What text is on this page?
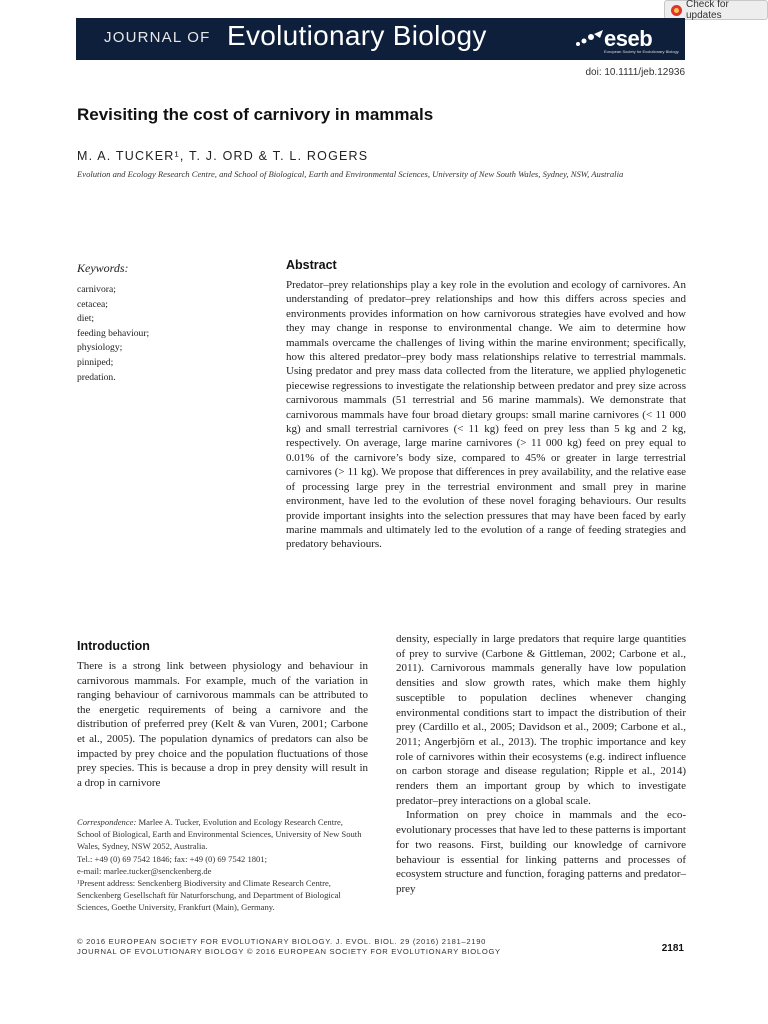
Check for updates
JOURNAL OF Evolutionary Biology	eseb
European Society for Evolutionary Biology
doi: 10.1111/jeb.12936
Revisiting the cost of carnivory in mammals
M. A. TUCKER¹, T. J. ORD & T. L. ROGERS
Evolution and Ecology Research Centre, and School of Biological, Earth and Environmental Sciences, University of New South Wales, Sydney, NSW, Australia
Keywords:
carnivora;
cetacea;
diet;
feeding behaviour;
physiology;
pinniped;
predation.
Abstract
Predator–prey relationships play a key role in the evolution and ecology of carnivores. An understanding of predator–prey relationships and how this differs across species and environments provides information on how carnivorous strategies have evolved and how they may change in response to environmental change. We aim to determine how mammals overcame the challenges of living within the marine environment; specifically, how this altered predator–prey body mass relationships relative to terrestrial mammals. Using predator and prey mass data collected from the literature, we applied phylogenetic piecewise regressions to investigate the relationship between predator and prey size across carnivorous mammals (51 terrestrial and 56 marine mammals). We demonstrate that carnivorous mammals have four broad dietary groups: small marine carnivores (< 11 000 kg) and small terrestrial carnivores (< 11 kg) feed on prey less than 5 kg and 2 kg, respectively. On average, large marine carnivores (> 11 000 kg) feed on prey equal to 0.01% of the carnivore’s body size, compared to 45% or greater in large terrestrial carnivores (> 11 kg). We propose that differences in prey availability, and the relative ease of processing large prey in the terrestrial environment and small prey in marine environment, have led to the evolution of these novel foraging behaviours. Our results provide important insights into the selection pressures that may have been faced by early marine mammals and ultimately led to the evolution of a range of feeding strategies and predatory behaviours.
Introduction
There is a strong link between physiology and behaviour in carnivorous mammals. For example, much of the variation in ranging behaviour of carnivorous mammals can be attributed to the energetic requirements of being a carnivore and the distribution of preferred prey (Kelt & van Vuren, 2001; Carbone et al., 2005). The population dynamics of predators can also be impacted by prey choice and the population fluctuations of those prey species. This is because a drop in prey density will result in a drop in carnivore
Correspondence: Marlee A. Tucker, Evolution and Ecology Research Centre, School of Biological, Earth and Environmental Sciences, University of New South Wales, Sydney, NSW 2052, Australia.
Tel.: +49 (0) 69 7542 1846; fax: +49 (0) 69 7542 1801;
e-mail: marlee.tucker@senckenberg.de
¹Present address: Senckenberg Biodiversity and Climate Research Centre, Senckenberg Gesellschaft für Naturforschung, and Department of Biological Sciences, Goethe University, Frankfurt (Main), Germany.

density, especially in large predators that require large quantities of prey to survive (Carbone & Gittleman, 2002; Carbone et al., 2011). Carnivorous mammals generally have low population densities and slow growth rates, which make them highly susceptible to population declines whenever changing environmental conditions start to impact the distribution of their prey (Cardillo et al., 2005; Davidson et al., 2009; Carbone et al., 2011; Angerbjörn et al., 2013). The trophic importance and key role of carnivores within their ecosystems (e.g. indirect influence on carbon storage and disease regulation; Ripple et al., 2014) renders them an important group by which to investigate predator–prey interactions on a global scale.

Information on prey choice in mammals and the eco-evolutionary processes that have led to these patterns is important for two reasons. First, building our knowledge of carnivore behaviour is essential for linking patterns and processes of ecosystem structure and function, foraging patterns and predator–prey

© 2016 EUROPEAN SOCIETY FOR EVOLUTIONARY BIOLOGY. J. EVOL. BIOL. 29 (2016) 2181–2190
JOURNAL OF EVOLUTIONARY BIOLOGY © 2016 EUROPEAN SOCIETY FOR EVOLUTIONARY BIOLOGY	2181
